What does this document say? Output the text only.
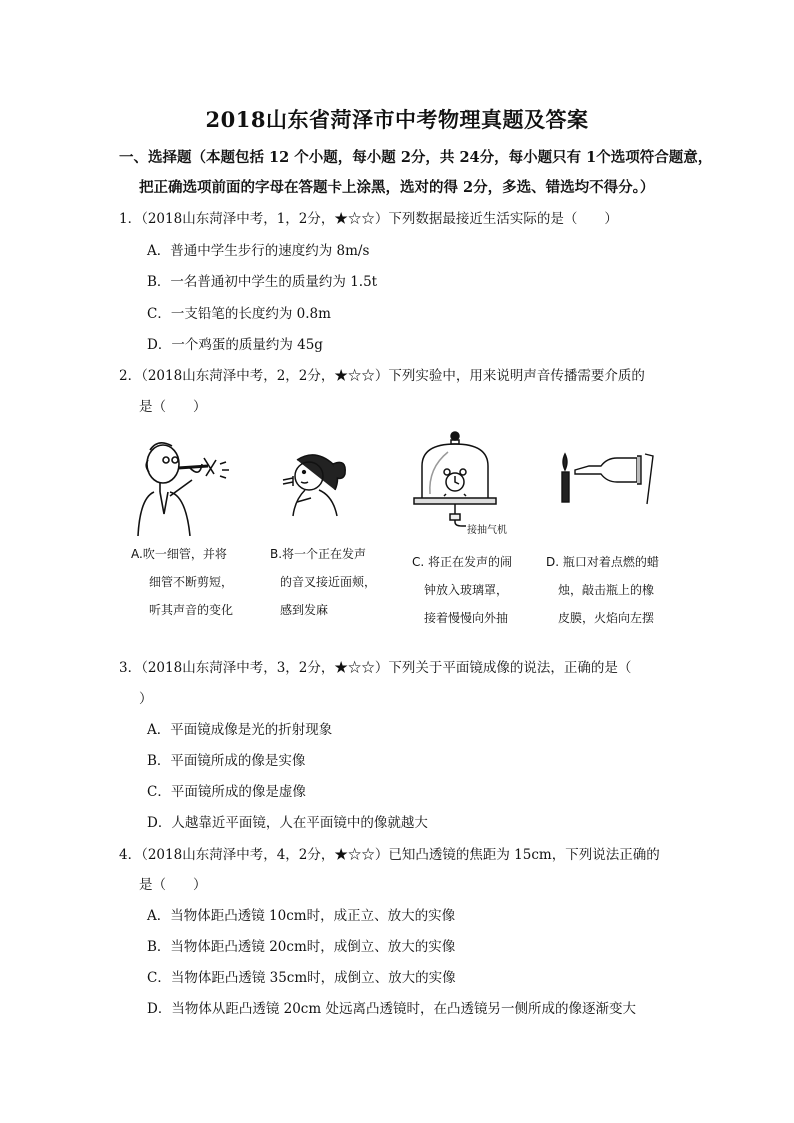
2018山东省菏泽市中考物理真题及答案
一、选择题（本题包括 12 个小题，每小题 2分，共 24分，每小题只有 1个选项符合题意，
把正确选项前面的字母在答题卡上涂黑，选对的得 2分，多选、错选均不得分。）
1．（2018山东菏泽中考，1，2分，★☆☆）下列数据最接近生活实际的是（　　）
A．普通中学生步行的速度约为 8m/s
B．一名普通初中学生的质量约为 1.5t
C．一支铅笔的长度约为 0.8m
D．一个鸡蛋的质量约为 45g
2．（2018山东菏泽中考，2，2分，★☆☆）下列实验中，用来说明声音传播需要介质的
是（　　）
A.吹一细管，并将
细管不断剪短，
听其声音的变化
B.将一个正在发声
的音叉接近面颊，
感到发麻
接抽气机
C. 将正在发声的闹
钟放入玻璃罩，
接着慢慢向外抽
D. 瓶口对着点燃的蜡
烛，敲击瓶上的橡
皮膜，火焰向左摆
3．（2018山东菏泽中考，3，2分，★☆☆）下列关于平面镜成像的说法，正确的是（
）
A．平面镜成像是光的折射现象
B．平面镜所成的像是实像
C．平面镜所成的像是虚像
D．人越靠近平面镜，人在平面镜中的像就越大
4．（2018山东菏泽中考，4，2分，★☆☆）已知凸透镜的焦距为 15cm，下列说法正确的
是（　　）
A．当物体距凸透镜 10cm时，成正立、放大的实像
B．当物体距凸透镜 20cm时，成倒立、放大的实像
C．当物体距凸透镜 35cm时，成倒立、放大的实像
D．当物体从距凸透镜 20cm 处远离凸透镜时，在凸透镜另一侧所成的像逐渐变大
